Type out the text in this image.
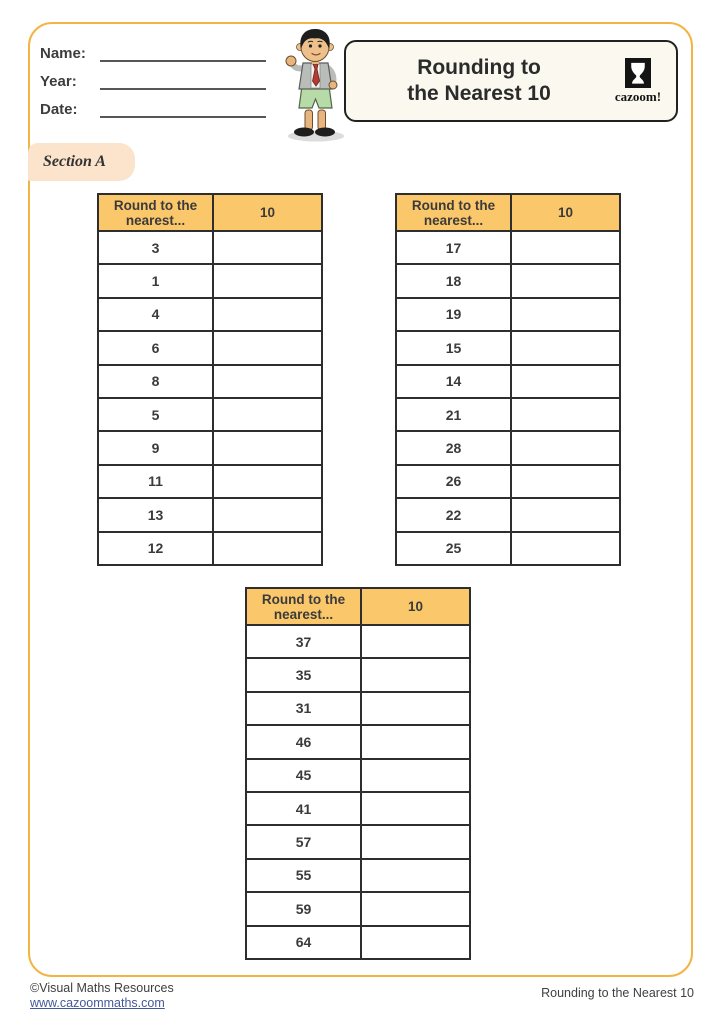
Name:
Year:
Date:
Rounding to
the Nearest 10	cazoom!
Section A
Round to the nearest...	10
3	
1	
4	
6	
8	
5	
9	
11	
13	
12	
Round to the nearest...	10
17	
18	
19	
15	
14	
21	
28	
26	
22	
25	
Round to the nearest...	10
37	
35	
31	
46	
45	
41	
57	
55	
59	
64	
©Visual Maths Resources
www.cazoommaths.com
Rounding to the Nearest 10
